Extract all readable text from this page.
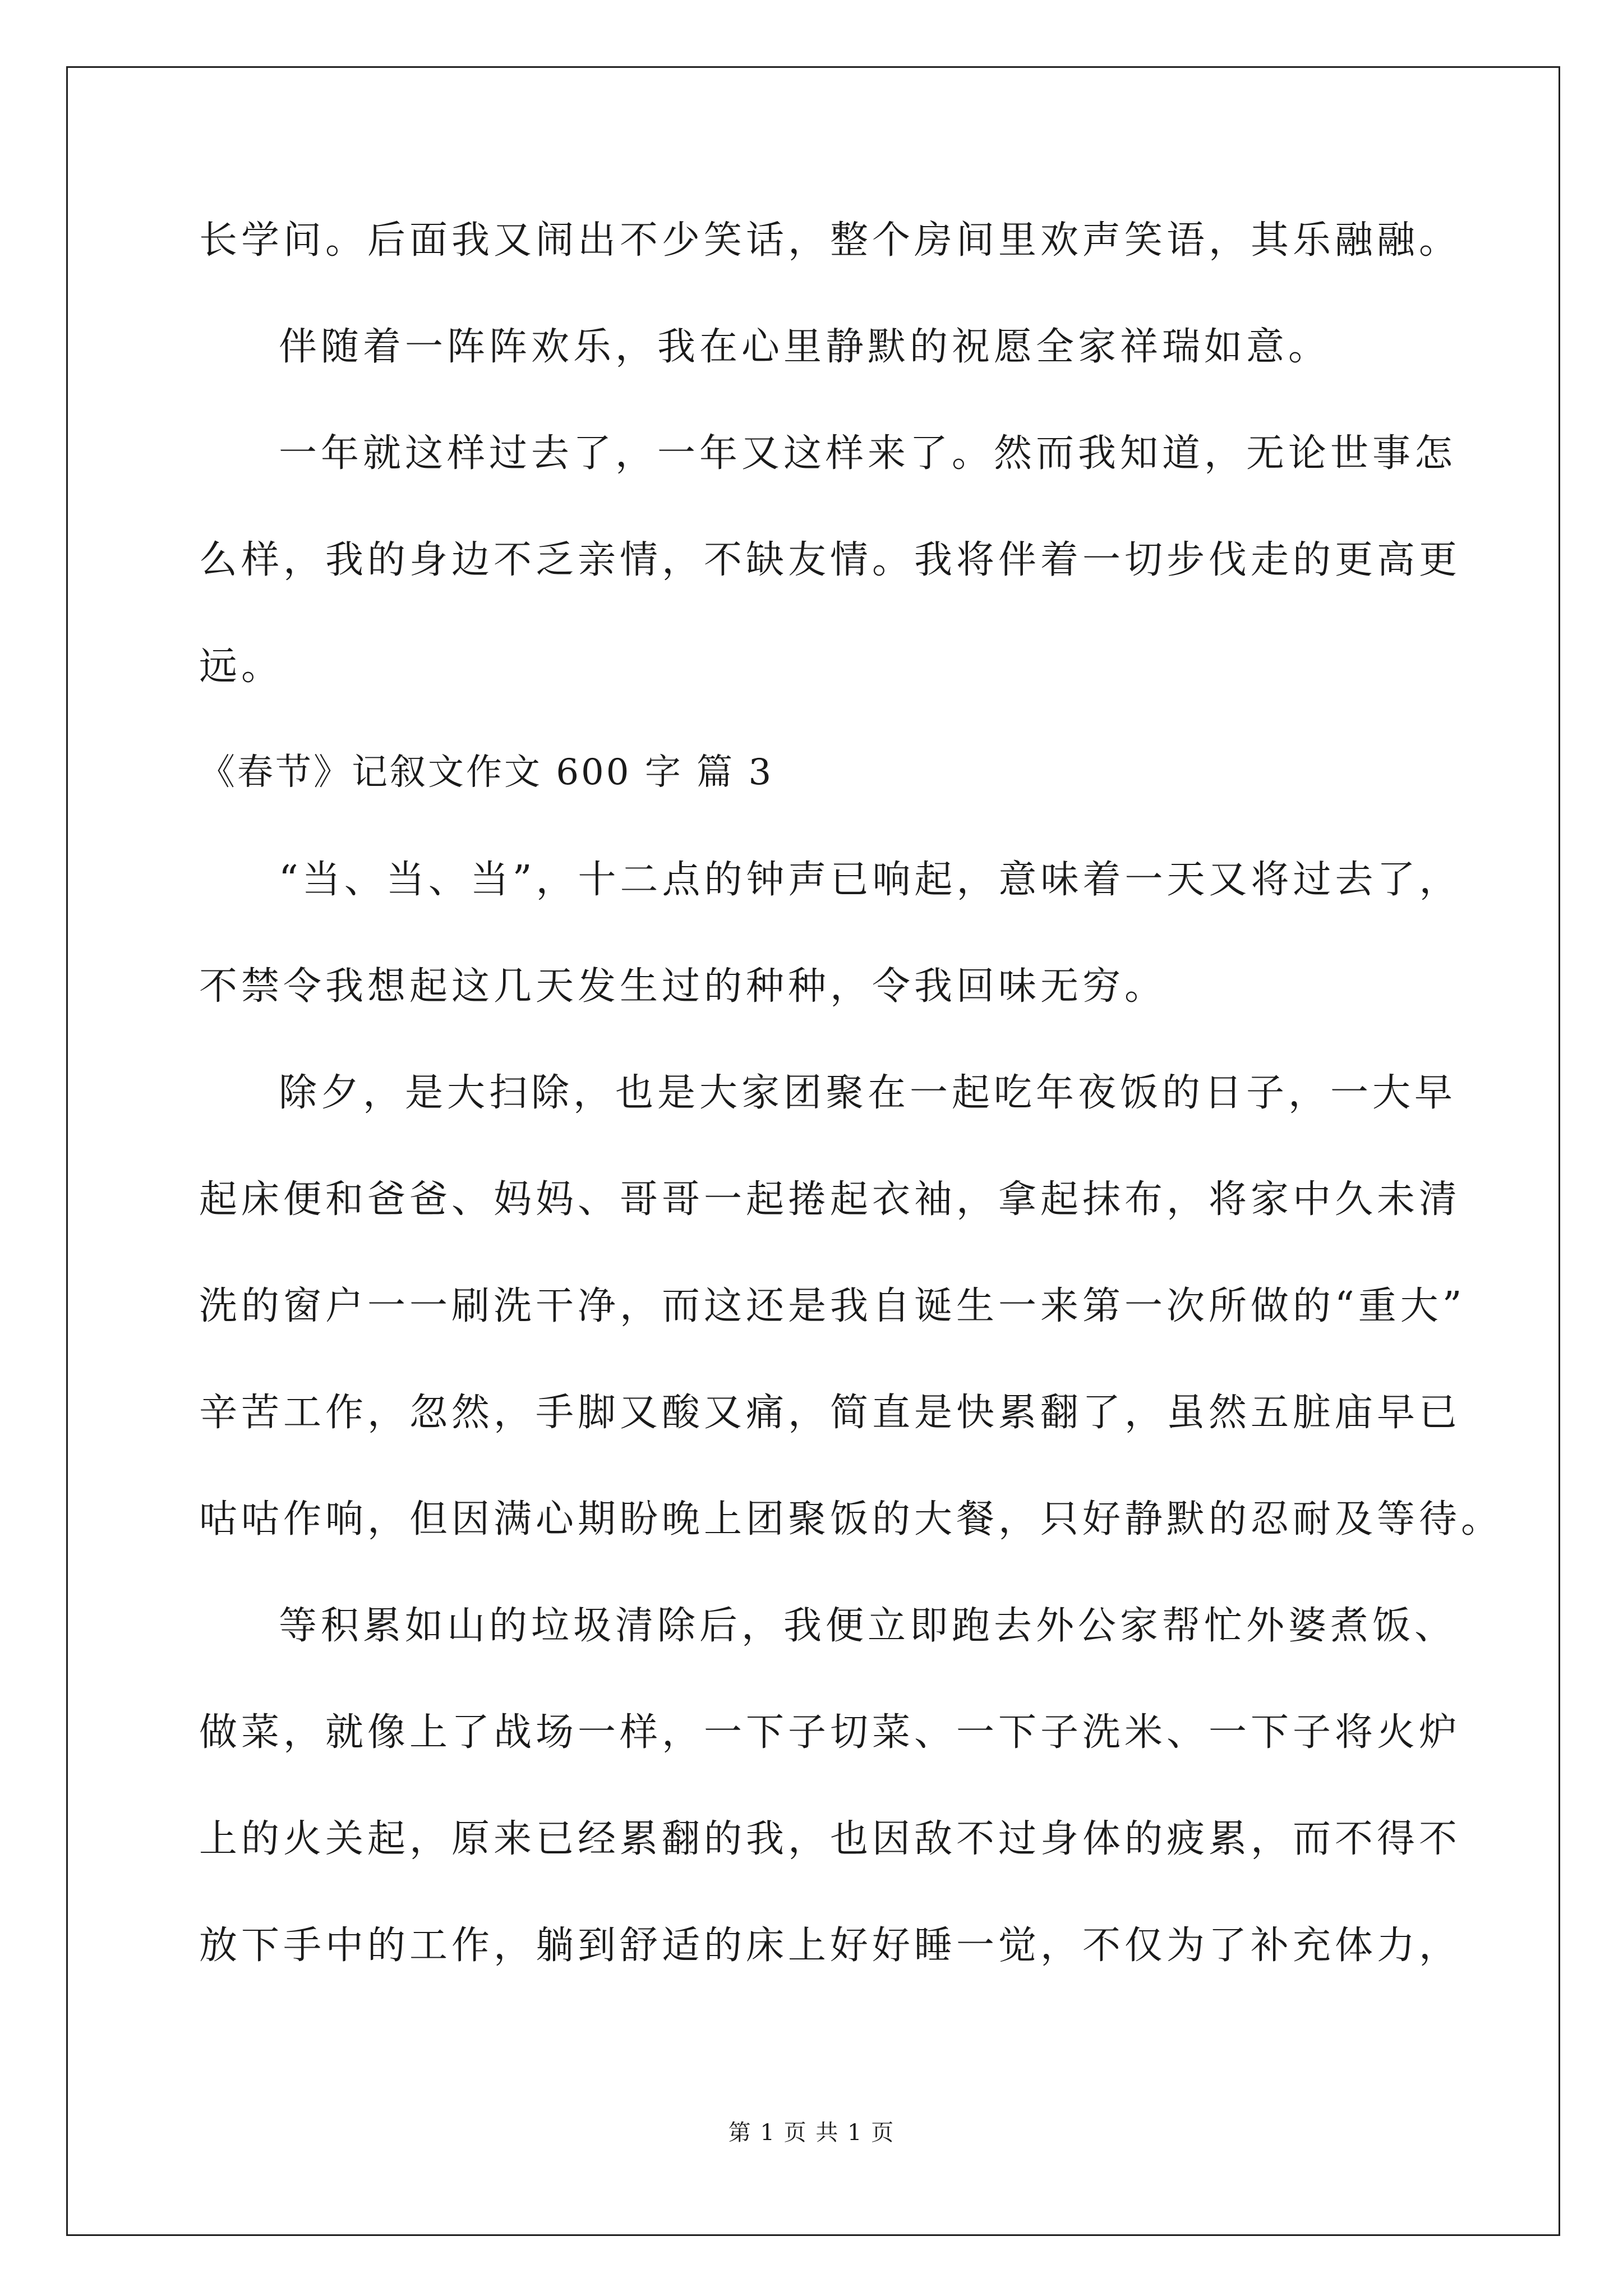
长学问。后面我又闹出不少笑话，整个房间里欢声笑语，其乐融融。
伴随着一阵阵欢乐，我在心里静默的祝愿全家祥瑞如意。
一年就这样过去了，一年又这样来了。然而我知道，无论世事怎
么样，我的身边不乏亲情，不缺友情。我将伴着一切步伐走的更高更
远。
《春节》记叙文作文 600 字 篇 3
“当、当、当”，十二点的钟声已响起，意味着一天又将过去了，
不禁令我想起这几天发生过的种种，令我回味无穷。
除夕，是大扫除，也是大家团聚在一起吃年夜饭的日子，一大早
起床便和爸爸、妈妈、哥哥一起捲起衣袖，拿起抹布，将家中久未清
洗的窗户一一刷洗干净，而这还是我自诞生一来第一次所做的“重大”
辛苦工作，忽然，手脚又酸又痛，简直是快累翻了，虽然五脏庙早已
咕咕作响，但因满心期盼晚上团聚饭的大餐，只好静默的忍耐及等待。
等积累如山的垃圾清除后，我便立即跑去外公家帮忙外婆煮饭、
做菜，就像上了战场一样，一下子切菜、一下子洗米、一下子将火炉
上的火关起，原来已经累翻的我，也因敌不过身体的疲累，而不得不
放下手中的工作，躺到舒适的床上好好睡一觉，不仅为了补充体力，
第 1 页 共 1 页
